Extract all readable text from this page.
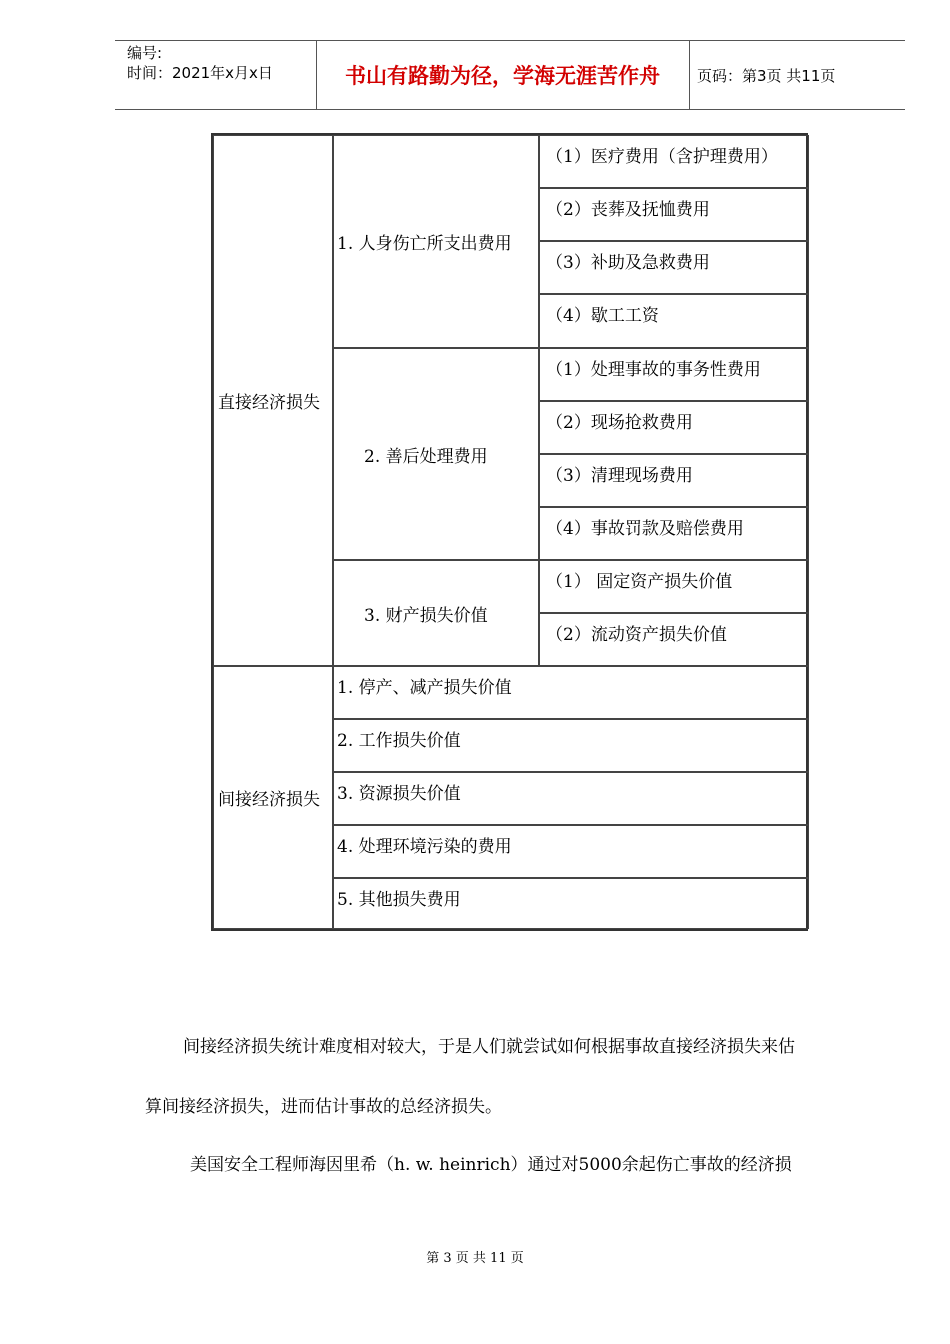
编号:
时间：2021年x月x日	书山有路勤为径，学海无涯苦作舟	页码：第3页 共11页
直接经济损失
1. 人身伤亡所支出费用
（1）医疗费用（含护理费用）
（2）丧葬及抚恤费用
（3）补助及急救费用
（4）歇工工资
2. 善后处理费用
（1）处理事故的事务性费用
（2）现场抢救费用
（3）清理现场费用
（4）事故罚款及赔偿费用
3. 财产损失价值
（1） 固定资产损失价值
（2）流动资产损失价值
间接经济损失
1. 停产、减产损失价值
2. 工作损失价值
3. 资源损失价值
4. 处理环境污染的费用
5. 其他损失费用
间接经济损失统计难度相对较大，于是人们就尝试如何根据事故直接经济损失来估
算间接经济损失，进而估计事故的总经济损失。
美国安全工程师海因里希（h. w. heinrich）通过对5000余起伤亡事故的经济损
第 3 页 共 11 页
